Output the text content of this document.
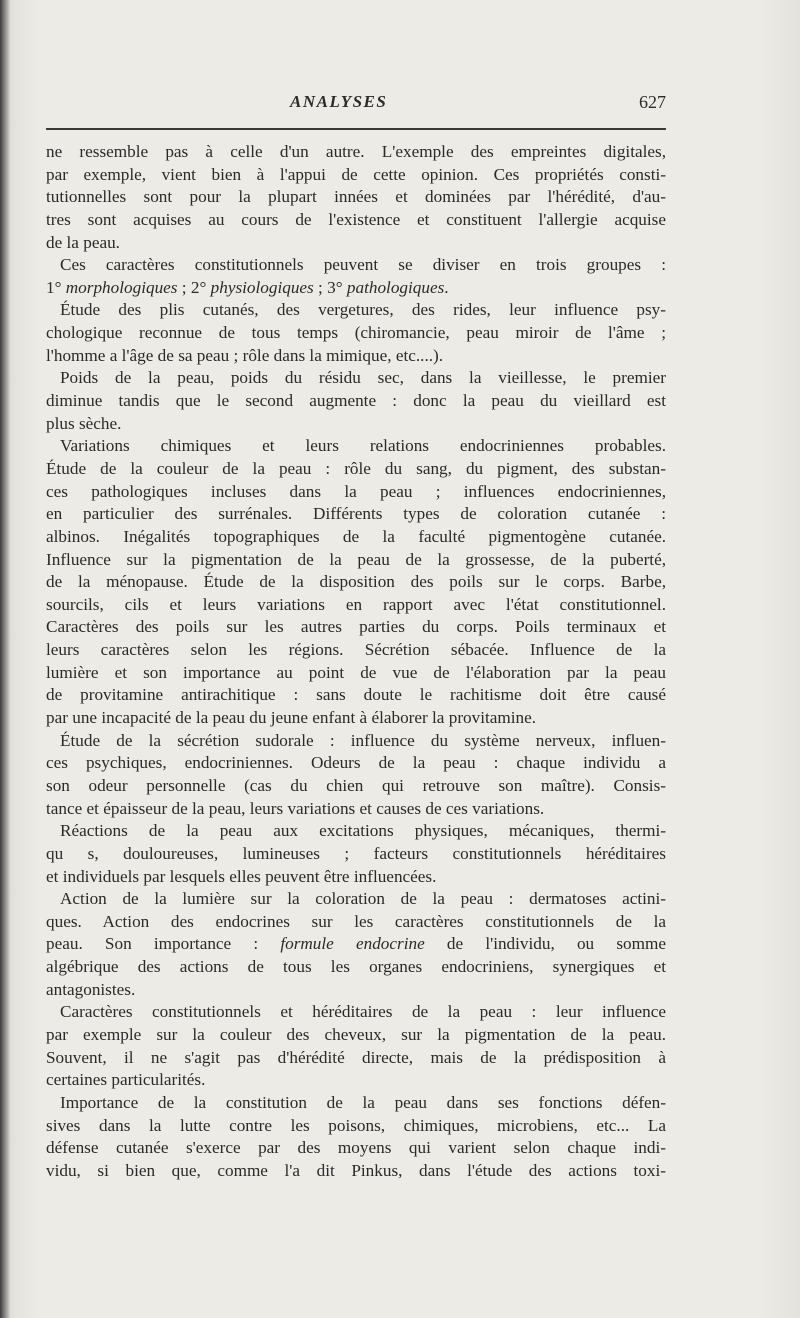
ANALYSES	627
ne ressemble pas à celle d'un autre. L'exemple des empreintes digitales,
par exemple, vient bien à l'appui de cette opinion. Ces propriétés consti-
tutionnelles sont pour la plupart innées et dominées par l'hérédité, d'au-
tres sont acquises au cours de l'existence et constituent l'allergie acquise
de la peau.
Ces caractères constitutionnels peuvent se diviser en trois groupes :
1° morphologiques ; 2° physiologiques ; 3° pathologiques.
Étude des plis cutanés, des vergetures, des rides, leur influence psy-
chologique reconnue de tous temps (chiromancie, peau miroir de l'âme ;
l'homme a l'âge de sa peau ; rôle dans la mimique, etc....).
Poids de la peau, poids du résidu sec, dans la vieillesse, le premier
diminue tandis que le second augmente : donc la peau du vieillard est
plus sèche.
Variations chimiques et leurs relations endocriniennes probables.
Étude de la couleur de la peau : rôle du sang, du pigment, des substan-
ces pathologiques incluses dans la peau ; influences endocriniennes,
en particulier des surrénales. Différents types de coloration cutanée :
albinos. Inégalités topographiques de la faculté pigmentogène cutanée.
Influence sur la pigmentation de la peau de la grossesse, de la puberté,
de la ménopause. Étude de la disposition des poils sur le corps. Barbe,
sourcils, cils et leurs variations en rapport avec l'état constitutionnel.
Caractères des poils sur les autres parties du corps. Poils terminaux et
leurs caractères selon les régions. Sécrétion sébacée. Influence de la
lumière et son importance au point de vue de l'élaboration par la peau
de provitamine antirachitique : sans doute le rachitisme doit être causé
par une incapacité de la peau du jeune enfant à élaborer la provitamine.
Étude de la sécrétion sudorale : influence du système nerveux, influen-
ces psychiques, endocriniennes. Odeurs de la peau : chaque individu a
son odeur personnelle (cas du chien qui retrouve son maître). Consis-
tance et épaisseur de la peau, leurs variations et causes de ces variations.
Réactions de la peau aux excitations physiques, mécaniques, thermi-
qu s, douloureuses, lumineuses ; facteurs constitutionnels héréditaires
et individuels par lesquels elles peuvent être influencées.
Action de la lumière sur la coloration de la peau : dermatoses actini-
ques. Action des endocrines sur les caractères constitutionnels de la
peau. Son importance : formule endocrine de l'individu, ou somme
algébrique des actions de tous les organes endocriniens, synergiques et
antagonistes.
Caractères constitutionnels et héréditaires de la peau : leur influence
par exemple sur la couleur des cheveux, sur la pigmentation de la peau.
Souvent, il ne s'agit pas d'hérédité directe, mais de la prédisposition à
certaines particularités.
Importance de la constitution de la peau dans ses fonctions défen-
sives dans la lutte contre les poisons, chimiques, microbiens, etc... La
défense cutanée s'exerce par des moyens qui varient selon chaque indi-
vidu, si bien que, comme l'a dit Pinkus, dans l'étude des actions toxi-
